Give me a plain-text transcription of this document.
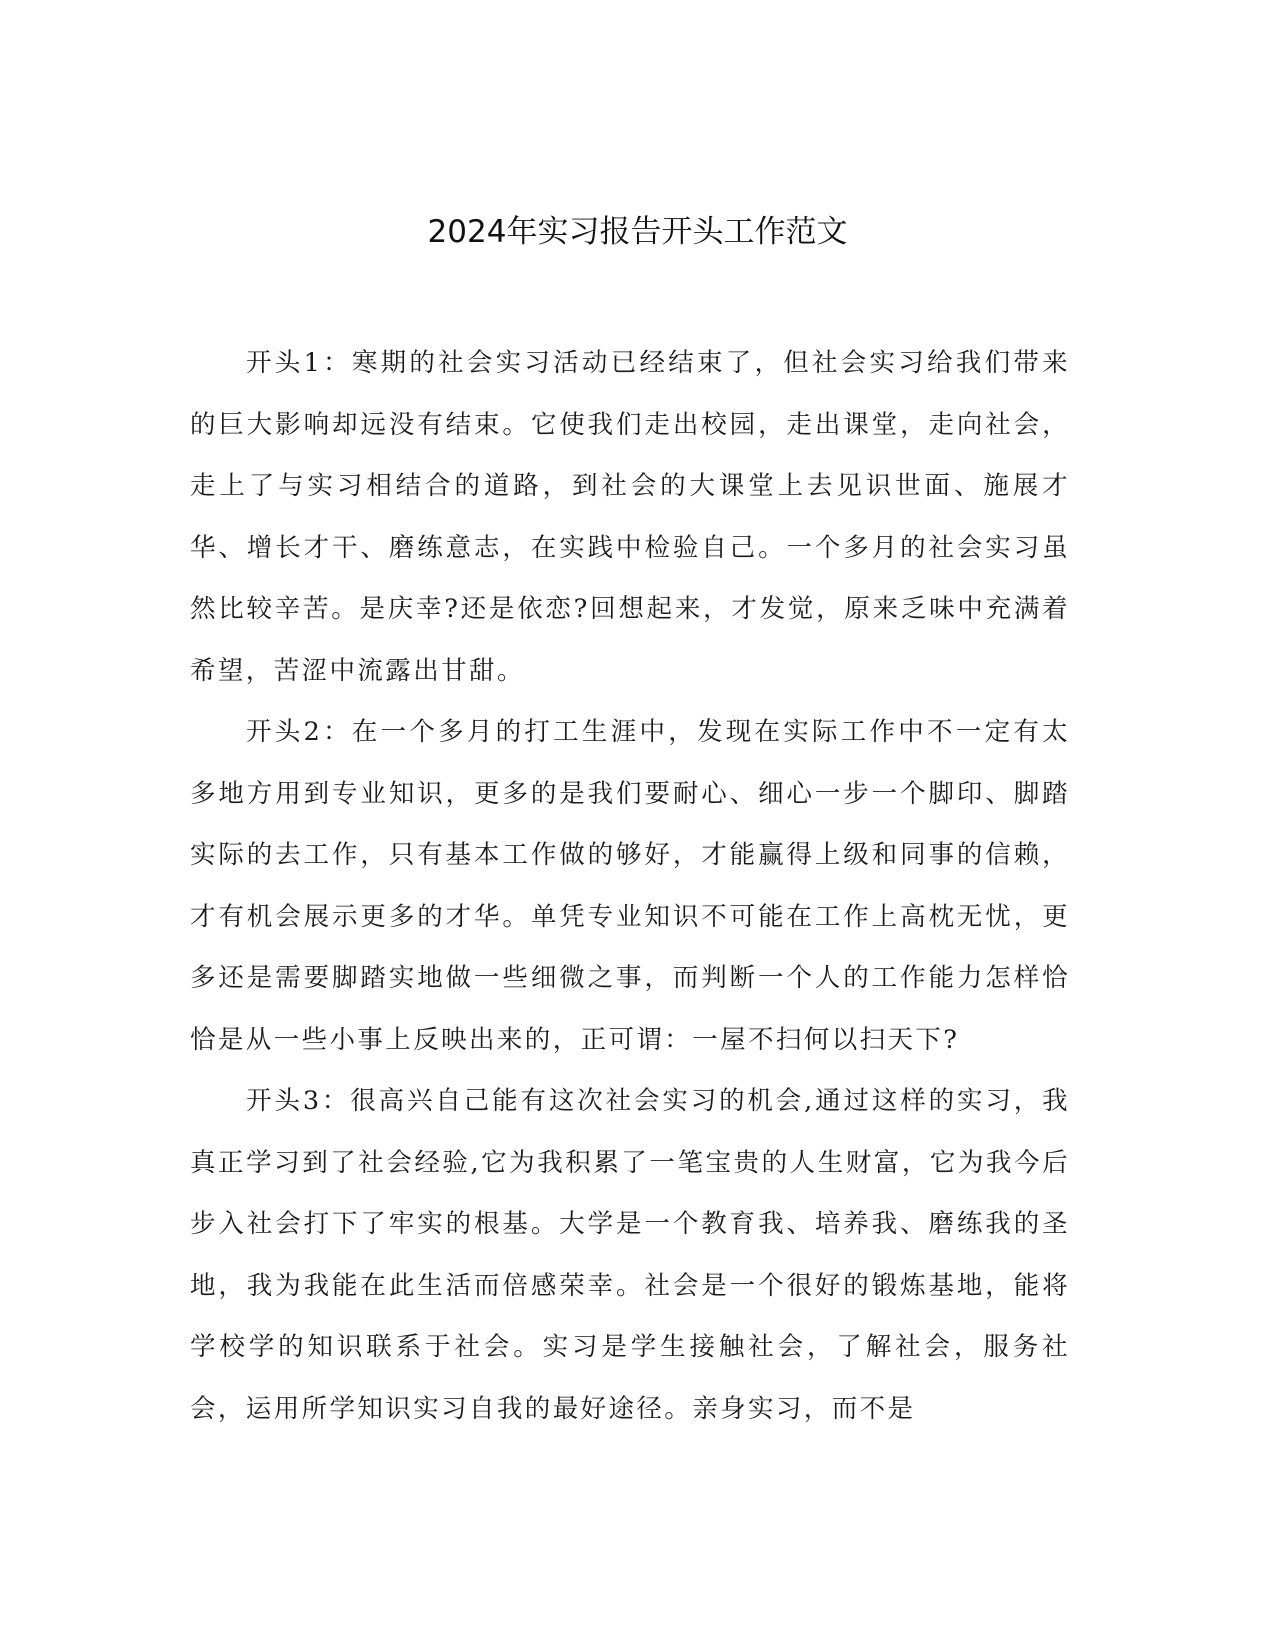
2024年实习报告开头工作范文

开头1：寒期的社会实习活动已经结束了，但社会实习给我们带来的巨大影响却远没有结束。它使我们走出校园，走出课堂，走向社会，走上了与实习相结合的道路，到社会的大课堂上去见识世面、施展才华、增长才干、磨练意志，在实践中检验自己。一个多月的社会实习虽然比较辛苦。是庆幸?还是依恋?回想起来，才发觉，原来乏味中充满着希望，苦涩中流露出甘甜。

开头2：在一个多月的打工生涯中，发现在实际工作中不一定有太多地方用到专业知识，更多的是我们要耐心、细心一步一个脚印、脚踏实际的去工作，只有基本工作做的够好，才能赢得上级和同事的信赖，才有机会展示更多的才华。单凭专业知识不可能在工作上高枕无忧，更多还是需要脚踏实地做一些细微之事，而判断一个人的工作能力怎样恰恰是从一些小事上反映出来的，正可谓：一屋不扫何以扫天下?

开头3：很高兴自己能有这次社会实习的机会,通过这样的实习，我真正学习到了社会经验,它为我积累了一笔宝贵的人生财富，它为我今后步入社会打下了牢实的根基。大学是一个教育我、培养我、磨练我的圣地，我为我能在此生活而倍感荣幸。社会是一个很好的锻炼基地，能将学校学的知识联系于社会。实习是学生接触社会，了解社会，服务社会，运用所学知识实习自我的最好途径。亲身实习，而不是
